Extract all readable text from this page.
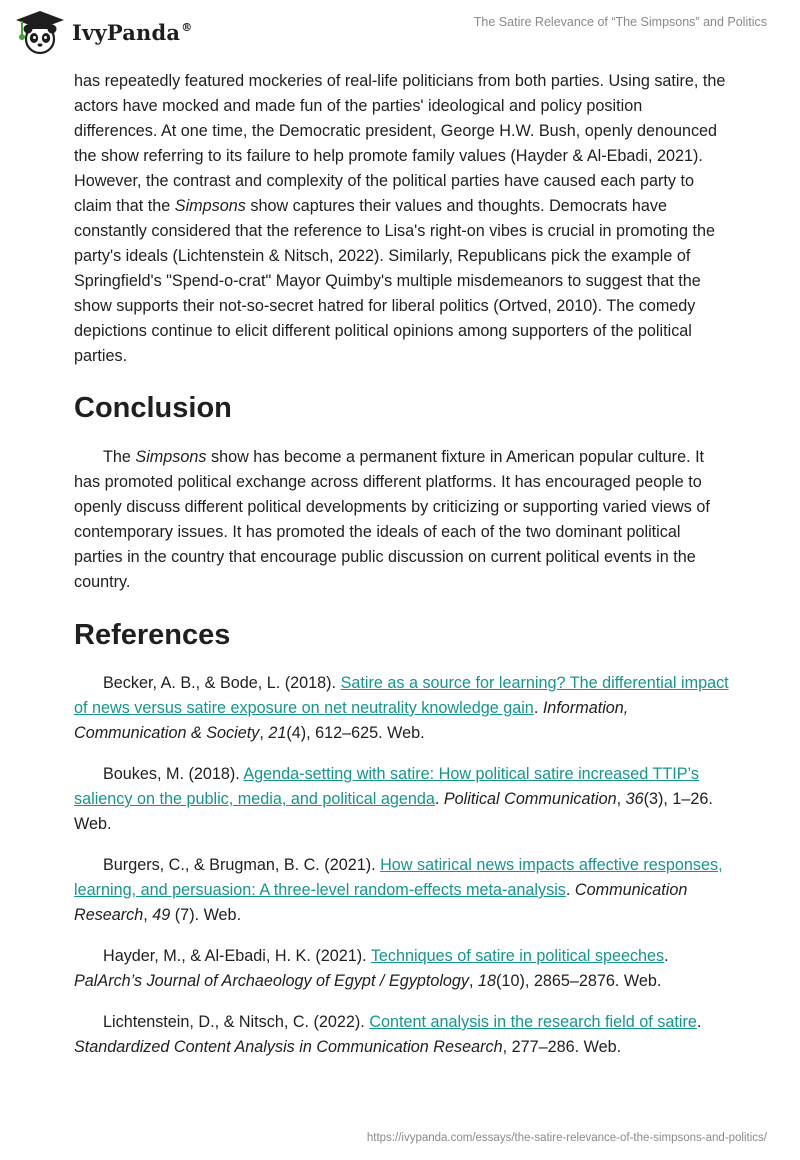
IvyPanda®	The Satire Relevance of “The Simpsons” and Politics

has repeatedly featured mockeries of real-life politicians from both parties. Using satire, the actors have mocked and made fun of the parties' ideological and policy position differences. At one time, the Democratic president, George H.W. Bush, openly denounced the show referring to its failure to help promote family values (Hayder & Al-Ebadi, 2021). However, the contrast and complexity of the political parties have caused each party to claim that the Simpsons show captures their values and thoughts. Democrats have constantly considered that the reference to Lisa's right-on vibes is crucial in promoting the party's ideals (Lichtenstein & Nitsch, 2022). Similarly, Republicans pick the example of Springfield's "Spend-o-crat" Mayor Quimby's multiple misdemeanors to suggest that the show supports their not-so-secret hatred for liberal politics (Ortved, 2010). The comedy depictions continue to elicit different political opinions among supporters of the political parties.

Conclusion

The Simpsons show has become a permanent fixture in American popular culture. It has promoted political exchange across different platforms. It has encouraged people to openly discuss different political developments by criticizing or supporting varied views of contemporary issues. It has promoted the ideals of each of the two dominant political parties in the country that encourage public discussion on current political events in the country.

References

Becker, A. B., & Bode, L. (2018). Satire as a source for learning? The differential impact of news versus satire exposure on net neutrality knowledge gain. Information, Communication & Society, 21(4), 612–625. Web.

Boukes, M. (2018). Agenda-setting with satire: How political satire increased TTIP’s saliency on the public, media, and political agenda. Political Communication, 36(3), 1–26. Web.

Burgers, C., & Brugman, B. C. (2021). How satirical news impacts affective responses, learning, and persuasion: A three-level random-effects meta-analysis. Communication Research, 49 (7). Web.

Hayder, M., & Al-Ebadi, H. K. (2021). Techniques of satire in political speeches. PalArch’s Journal of Archaeology of Egypt / Egyptology, 18(10), 2865–2876. Web.

Lichtenstein, D., & Nitsch, C. (2022). Content analysis in the research field of satire. Standardized Content Analysis in Communication Research, 277–286. Web.

https://ivypanda.com/essays/the-satire-relevance-of-the-simpsons-and-politics/
